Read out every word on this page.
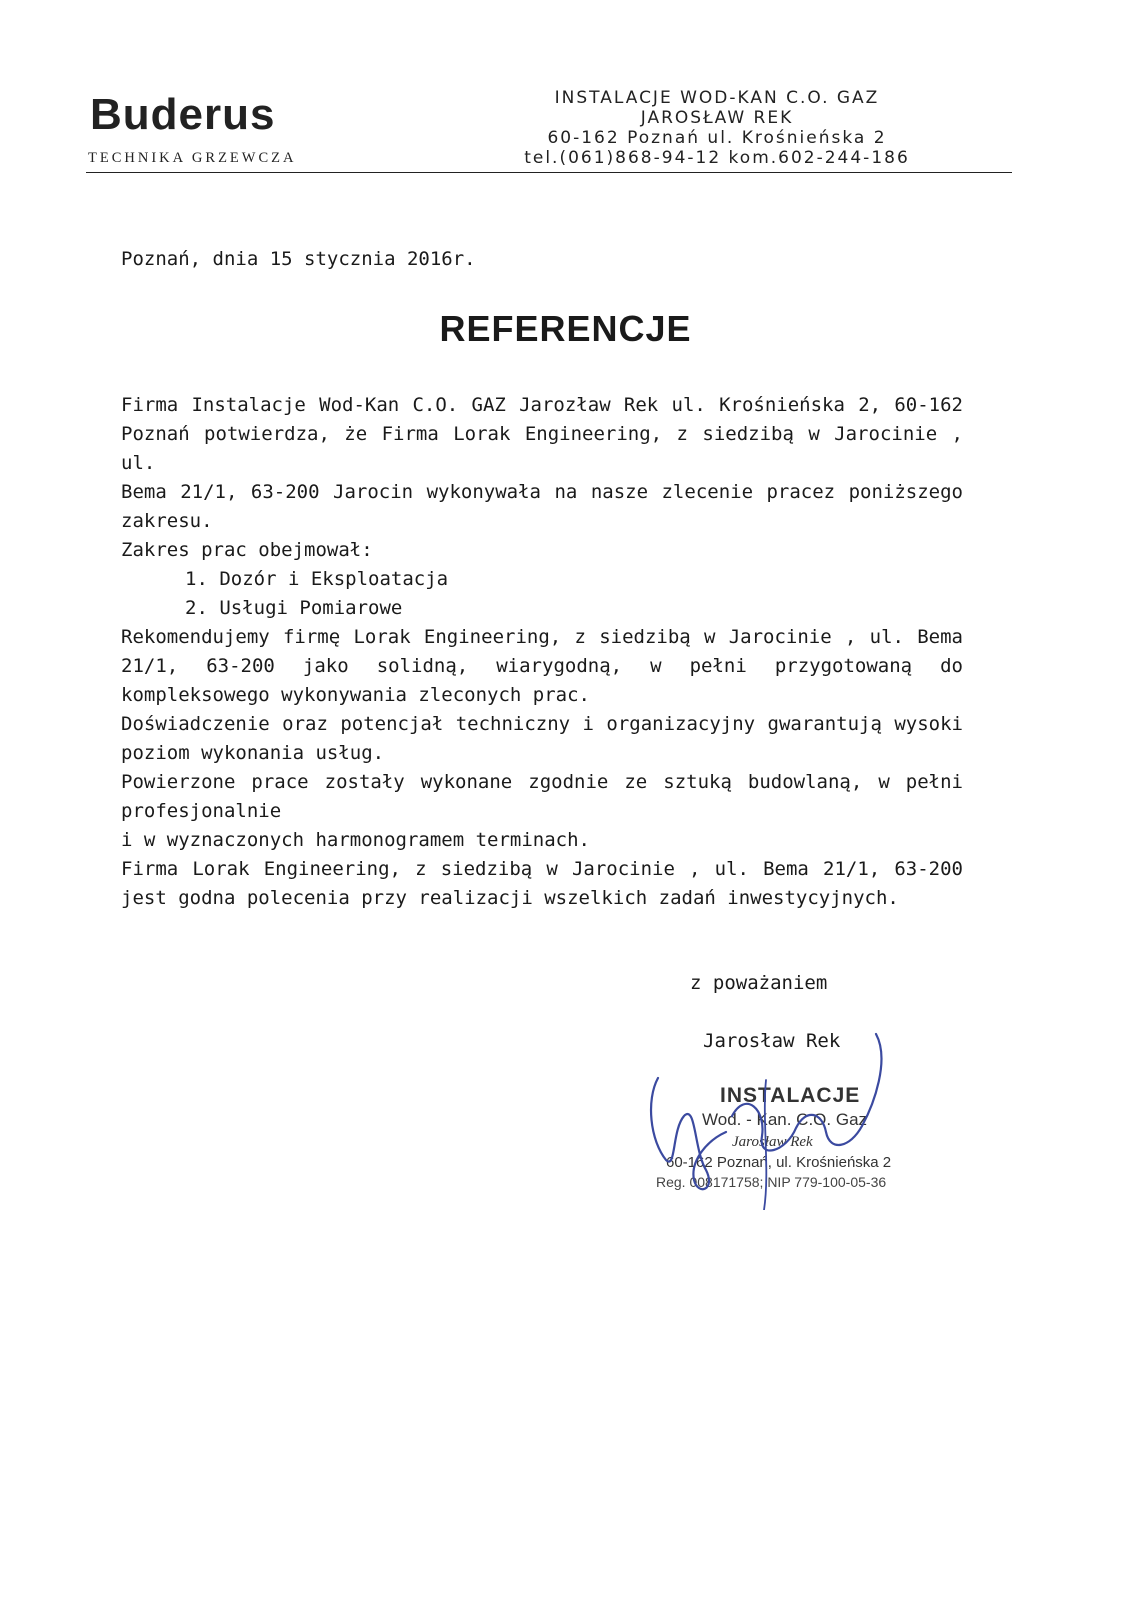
Buderus
TECHNIKA GRZEWCZA
INSTALACJE WOD-KAN C.O. GAZ
JAROSŁAW REK
60-162 Poznań ul. Krośnieńska 2
tel.(061)868-94-12 kom.602-244-186
Poznań, dnia 15 stycznia 2016r.
REFERENCJE

Firma Instalacje Wod-Kan C.O. GAZ Jarozław Rek ul. Krośnieńska 2, 60-162

Poznań potwierdza, że Firma Lorak Engineering, z siedzibą w Jarocinie , ul.

Bema 21/1, 63-200 Jarocin wykonywała na nasze zlecenie pracez poniższego

zakresu.

Zakres prac obejmował:

1. Dozór i Eksploatacja

2. Usługi Pomiarowe

Rekomendujemy firmę Lorak Engineering, z siedzibą w Jarocinie , ul. Bema

21/1, 63-200 jako solidną, wiarygodną, w pełni przygotowaną do

kompleksowego wykonywania zleconych prac.

Doświadczenie oraz potencjał techniczny i organizacyjny gwarantują wysoki

poziom wykonania usług.

Powierzone prace zostały wykonane zgodnie ze sztuką budowlaną, w pełni

profesjonalnie

i w wyznaczonych harmonogramem terminach.

Firma Lorak Engineering, z siedzibą w Jarocinie , ul. Bema 21/1, 63-200

jest godna polecenia przy realizacji wszelkich zadań inwestycyjnych.

z poważaniem
Jarosław Rek
INSTALACJE
Wod. - Kan. C.O. Gaz
Jarosław Rek
60-162 Poznań, ul. Krośnieńska 2
Reg. 008171758; NIP 779-100-05-36
